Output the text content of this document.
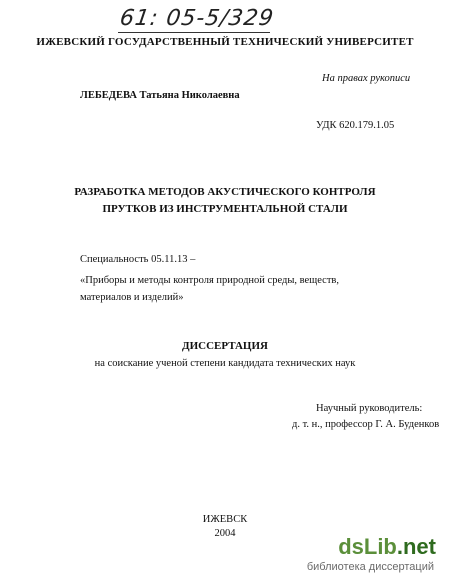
61: 05-5/329
ИЖЕВСКИЙ ГОСУДАРСТВЕННЫЙ ТЕХНИЧЕСКИЙ УНИВЕРСИТЕТ
На правах рукописи
ЛЕБЕДЕВА Татьяна Николаевна
УДК 620.179.1.05
РАЗРАБОТКА МЕТОДОВ АКУСТИЧЕСКОГО КОНТРОЛЯ
ПРУТКОВ ИЗ ИНСТРУМЕНТАЛЬНОЙ СТАЛИ
Специальность 05.11.13 –
«Приборы и методы контроля природной среды, веществ, материалов и изделий»
ДИССЕРТАЦИЯ
на соискание ученой степени кандидата технических наук
Научный руководитель:
д. т. н., профессор Г. А. Буденков
ИЖЕВСК
2004
dsLib.net
библиотека диссертаций
